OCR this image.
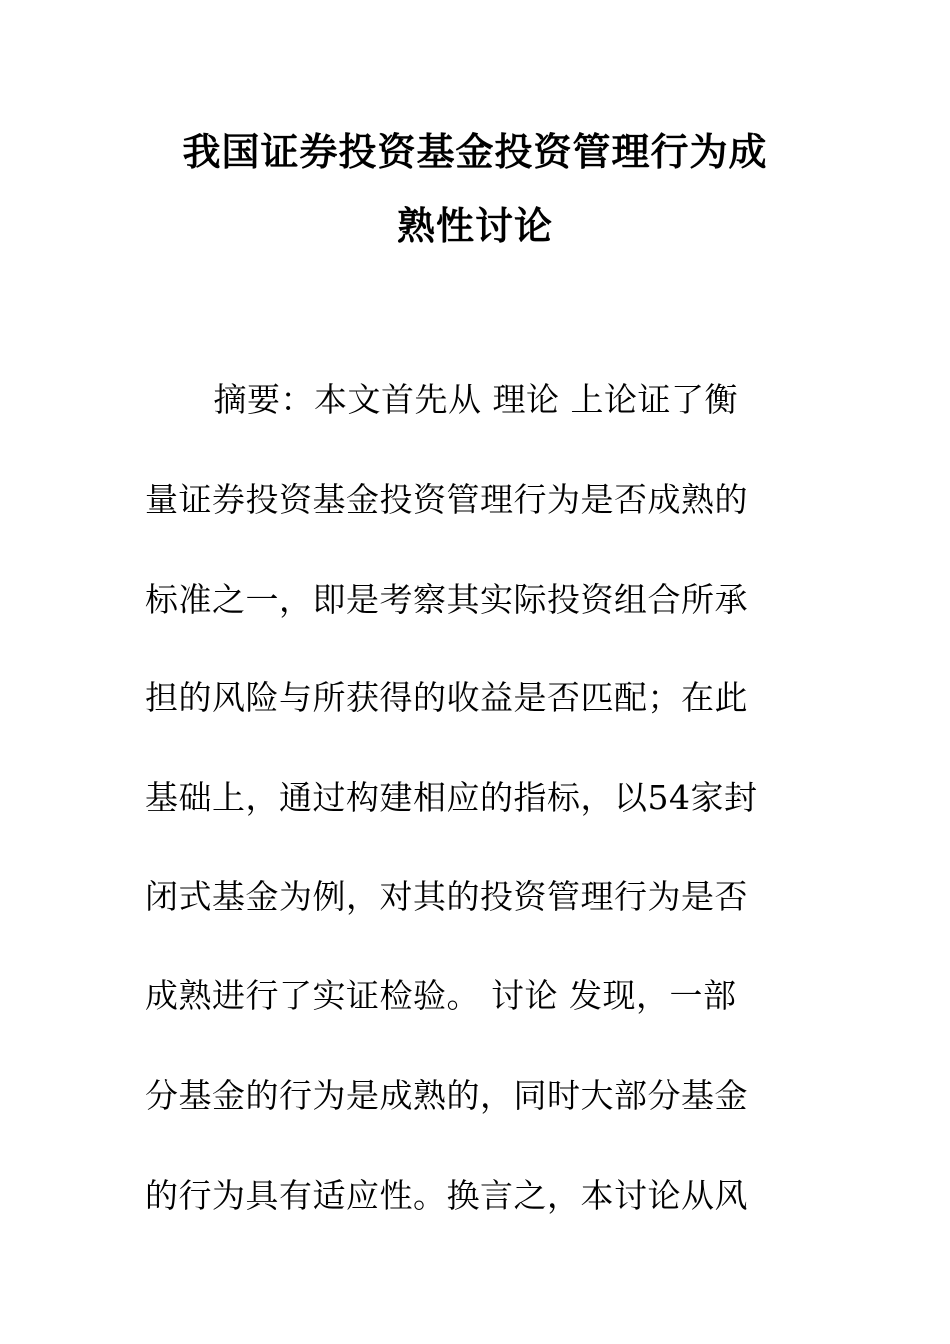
我国证券投资基金投资管理行为成
熟性讨论
　摘要：本文首先从 理论 上论证了衡
量证券投资基金投资管理行为是否成熟的
标准之一，即是考察其实际投资组合所承
担的风险与所获得的收益是否匹配；在此
基础上，通过构建相应的指标，以54家封
闭式基金为例，对其的投资管理行为是否
成熟进行了实证检验。 讨论 发现，一部
分基金的行为是成熟的，同时大部分基金
的行为具有适应性。换言之，本讨论从风
